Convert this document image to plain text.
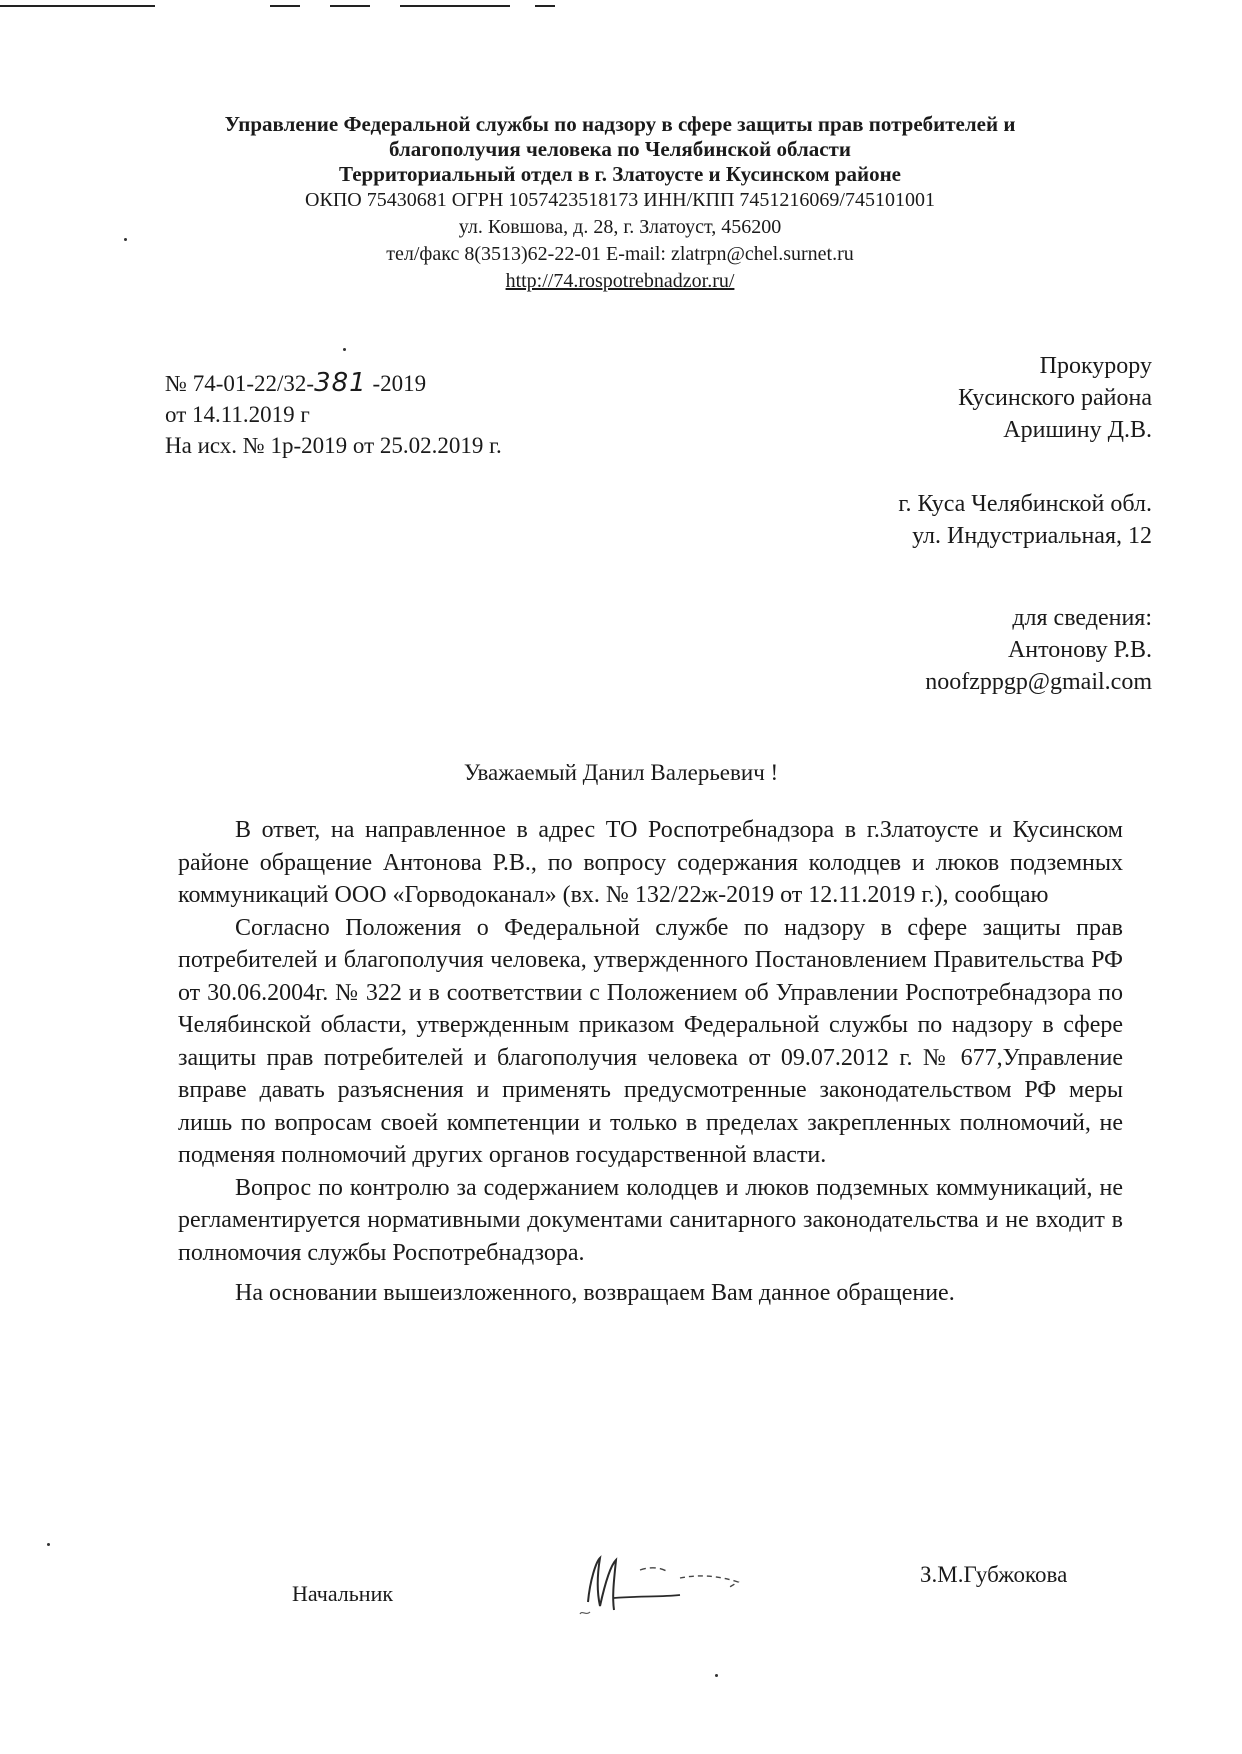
Управление Федеральной службы по надзору в сфере защиты прав потребителей и
благополучия человека по Челябинской области
Территориальный отдел в г. Златоусте и Кусинском районе
ОКПО 75430681 ОГРН 1057423518173 ИНН/КПП 7451216069/745101001
ул. Ковшова, д. 28, г. Златоуст, 456200
тел/факс 8(3513)62-22-01 E-mail: zlatrpn@chel.surnet.ru
http://74.rospotrebnadzor.ru/
№ 74-01-22/32-381 -2019
от 14.11.2019 г
На исх. № 1р-2019 от 25.02.2019 г.
Прокурору
Кусинского района
Аришину Д.В.
г. Куса Челябинской обл.
ул. Индустриальная, 12
для сведения:
Антонову Р.В.
noofzppgp@gmail.com
Уважаемый Данил Валерьевич !

В ответ, на направленное в адрес ТО Роспотребнадзора в г.Златоусте и Кусинском районе обращение Антонова Р.В., по вопросу содержания колодцев и люков подземных коммуникаций ООО «Горводоканал» (вх. № 132/22ж-2019 от 12.11.2019 г.), сообщаю

Согласно Положения о Федеральной службе по надзору в сфере защиты прав потребителей и благополучия человека, утвержденного Постановлением Правительства РФ от 30.06.2004г. № 322 и в соответствии с Положением об Управлении Роспотребнадзора по Челябинской области, утвержденным приказом Федеральной службы по надзору в сфере защиты прав потребителей и благополучия человека от 09.07.2012 г. № 677,Управление вправе давать разъяснения и применять предусмотренные законодательством РФ меры лишь по вопросам своей компетенции и только в пределах закрепленных полномочий, не подменяя полномочий других органов государственной власти.

Вопрос по контролю за содержанием колодцев и люков подземных коммуникаций, не регламентируется нормативными документами санитарного законодательства и не входит в полномочия службы Роспотребнадзора.

На основании вышеизложенного, возвращаем Вам данное обращение.

Начальник
З.М.Губжокова
